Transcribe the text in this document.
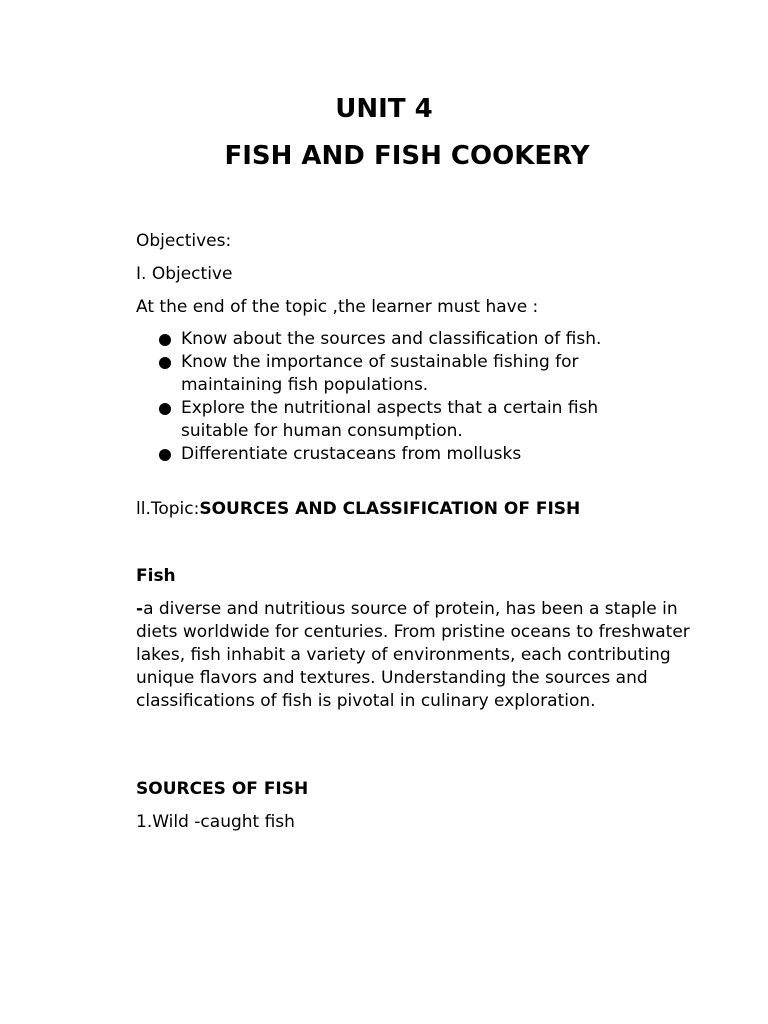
UNIT 4
FISH AND FISH COOKERY

Objectives:

I. Objective

At the end of the topic ,the learner must have :

Know about the sources and classification of fish.
Know the importance of sustainable fishing for
maintaining fish populations.
Explore the nutritional aspects that a certain fish
suitable for human consumption.
Differentiate crustaceans from mollusks

ll.Topic:SOURCES AND CLASSIFICATION OF FISH

Fish

-a diverse and nutritious source of protein, has been a staple in diets worldwide for centuries. From pristine oceans to freshwater lakes, fish inhabit a variety of environments, each contributing unique flavors and textures. Understanding the sources and classifications of fish is pivotal in culinary exploration.

SOURCES OF FISH

1.Wild -caught fish
